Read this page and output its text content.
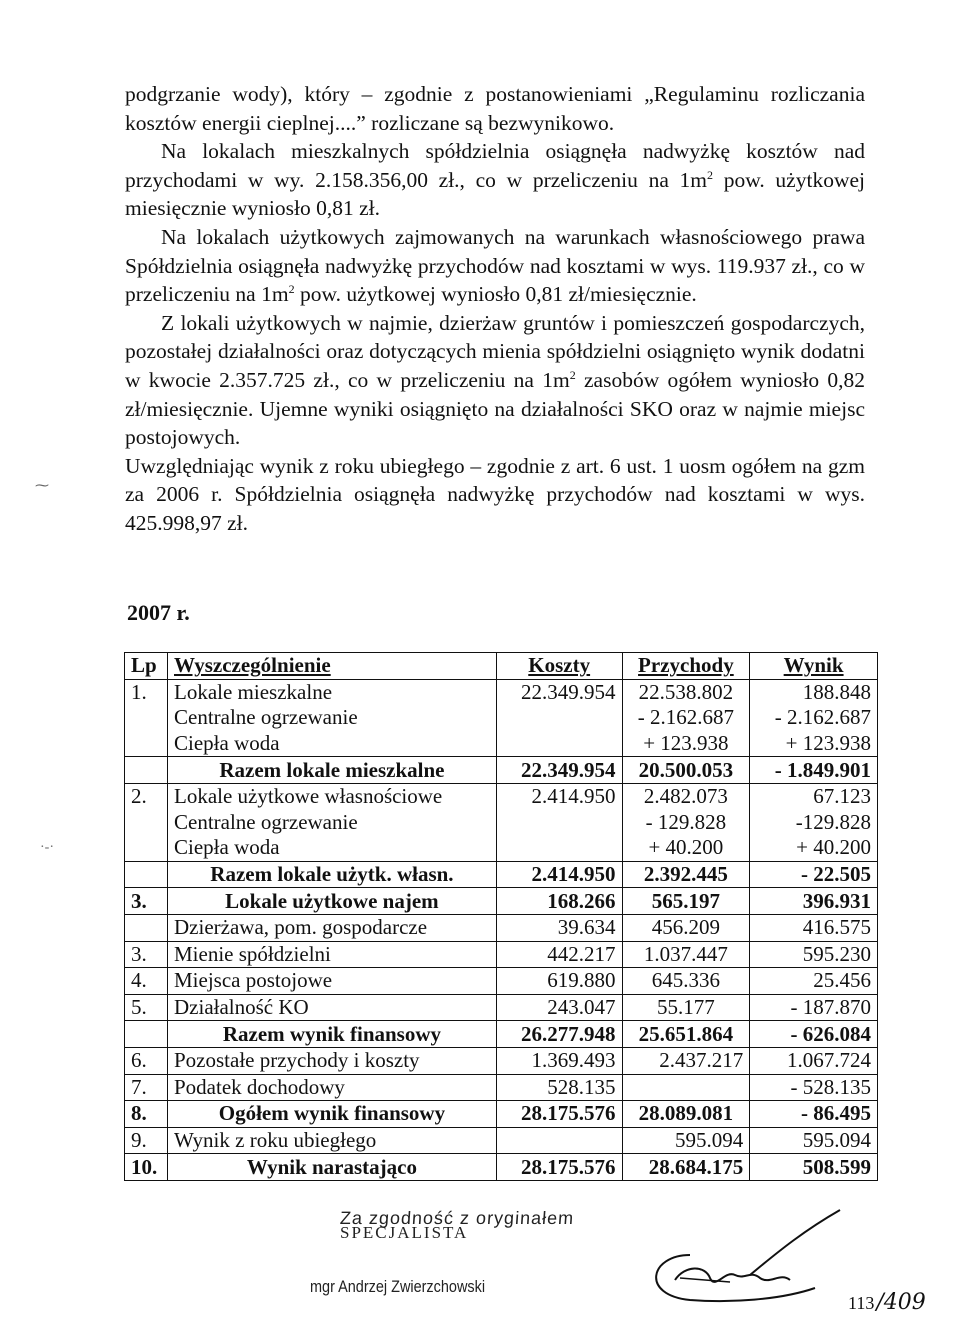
podgrzanie wody), który – zgodnie z postanowieniami „Regulaminu rozliczania kosztów energii cieplnej....” rozliczane są bezwynikowo.

Na lokalach mieszkalnych spółdzielnia osiągnęła nadwyżkę kosztów nad przychodami w wy. 2.158.356,00 zł., co w przeliczeniu na $1m^2$ pow. użytkowej miesięcznie wyniosło 0,81 zł.

Na lokalach użytkowych zajmowanych na warunkach własnościowego prawa Spółdzielnia osiągnęła nadwyżkę przychodów nad kosztami w wys. 119.937 zł., co w przeliczeniu na $1m^2$ pow. użytkowej wyniosło 0,81 zł/miesięcznie.

Z lokali użytkowych w najmie, dzierżaw gruntów i pomieszczeń gospodarczych, pozostałej działalności oraz dotyczących mienia spółdzielni osiągnięto wynik dodatni w kwocie 2.357.725 zł., co w przeliczeniu na $1m^2$ zasobów ogółem wyniosło 0,82 zł/miesięcznie. Ujemne wyniki osiągnięto na działalności SKO oraz w najmie miejsc postojowych.

Uwzględniając wynik z roku ubiegłego – zgodnie z art. 6 ust. 1 uosm ogółem na gzm za 2006 r. Spółdzielnia osiągnęła nadwyżkę przychodów nad kosztami w wys. 425.998,97 zł.

⁓
·-·
2007 r.
Lp	Wyszczególnienie	Koszty	Przychody	Wynik
1.	Lokale mieszkalne	22.349.954	22.538.802	188.848
	Centralne ogrzewanie		- 2.162.687	- 2.162.687
	Ciepła woda		+ 123.938	+ 123.938
	Razem lokale mieszkalne	22.349.954	20.500.053	- 1.849.901
2.	Lokale użytkowe własnościowe	2.414.950	2.482.073	67.123
	Centralne ogrzewanie		- 129.828	-129.828
	Ciepła woda		+ 40.200	+ 40.200
	Razem lokale użytk. własn.	2.414.950	2.392.445	- 22.505
3.	Lokale użytkowe najem	168.266	565.197	396.931
	Dzierżawa, pom. gospodarcze	39.634	456.209	416.575
3.	Mienie spółdzielni	442.217	1.037.447	595.230
4.	Miejsca postojowe	619.880	645.336	25.456
5.	Działalność KO	243.047	55.177	- 187.870
	Razem wynik finansowy	26.277.948	25.651.864	- 626.084
6.	Pozostałe przychody i koszty	1.369.493	2.437.217	1.067.724
7.	Podatek dochodowy	528.135		- 528.135
8.	Ogółem wynik finansowy	28.175.576	28.089.081	- 86.495
9.	Wynik z roku ubiegłego		595.094	595.094
10.	Wynik narastająco	28.175.576	28.684.175	508.599
Za zgodność z oryginałem
SPECJALISTA
mgr Andrzej Zwierzchowski
113/409
